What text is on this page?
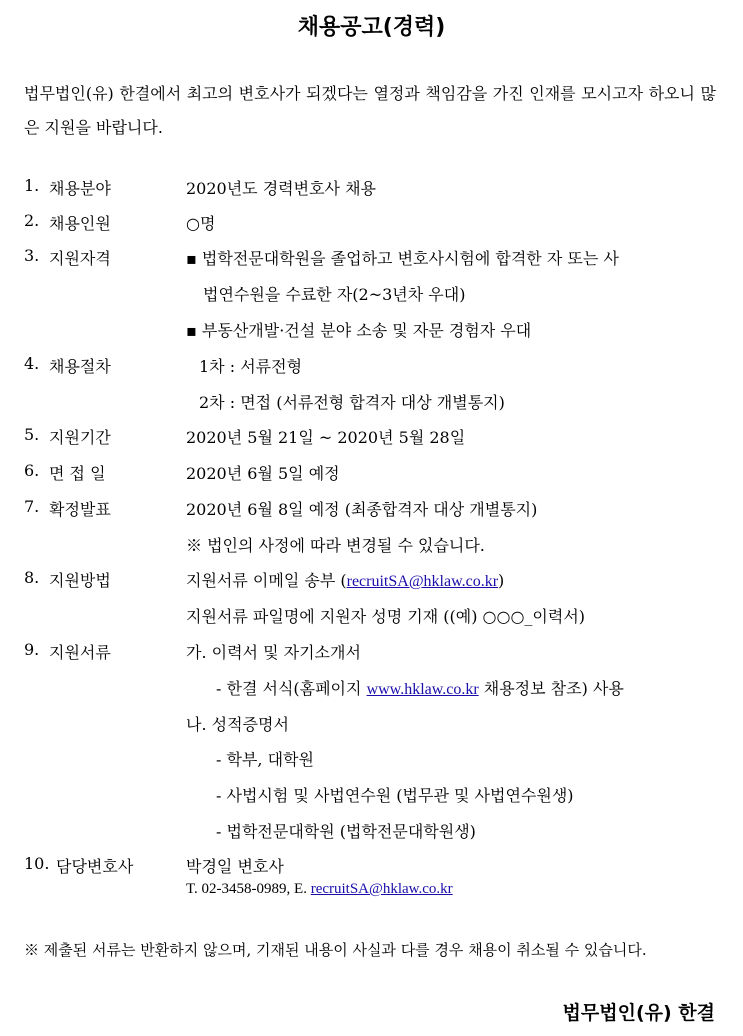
채용공고(경력)
법무법인(유) 한결에서 최고의 변호사가 되겠다는 열정과 책임감을 가진 인재를 모시고자 하오니 많은 지원을 바랍니다.
1. 채용분야	2020년도 경력변호사 채용
2. 채용인원	○명
3. 지원자격	▪ 법학전문대학원을 졸업하고 변호사시험에 합격한 자 또는 사
법연수원을 수료한 자(2~3년차 우대)
▪ 부동산개발·건설 분야 소송 및 자문 경험자 우대
4. 채용절차	1차 : 서류전형
2차 : 면접 (서류전형 합격자 대상 개별통지)
5. 지원기간	2020년 5월 21일 ~ 2020년 5월 28일
6. 면 접 일	2020년 6월 5일 예정
7. 확정발표	2020년 6월 8일 예정 (최종합격자 대상 개별통지)
※ 법인의 사정에 따라 변경될 수 있습니다.
8. 지원방법	지원서류 이메일 송부 (recruitSA@hklaw.co.kr)
지원서류 파일명에 지원자 성명 기재 ((예) ○○○_이력서)
9. 지원서류	가. 이력서 및 자기소개서
- 한결 서식(홈페이지 www.hklaw.co.kr 채용정보 참조) 사용
나. 성적증명서
- 학부, 대학원
- 사법시험 및 사법연수원 (법무관 및 사법연수원생)
- 법학전문대학원 (법학전문대학원생)
10. 담당변호사	박경일 변호사
T. 02-3458-0989, E. recruitSA@hklaw.co.kr
※ 제출된 서류는 반환하지 않으며, 기재된 내용이 사실과 다를 경우 채용이 취소될 수 있습니다.
법무법인(유) 한결
